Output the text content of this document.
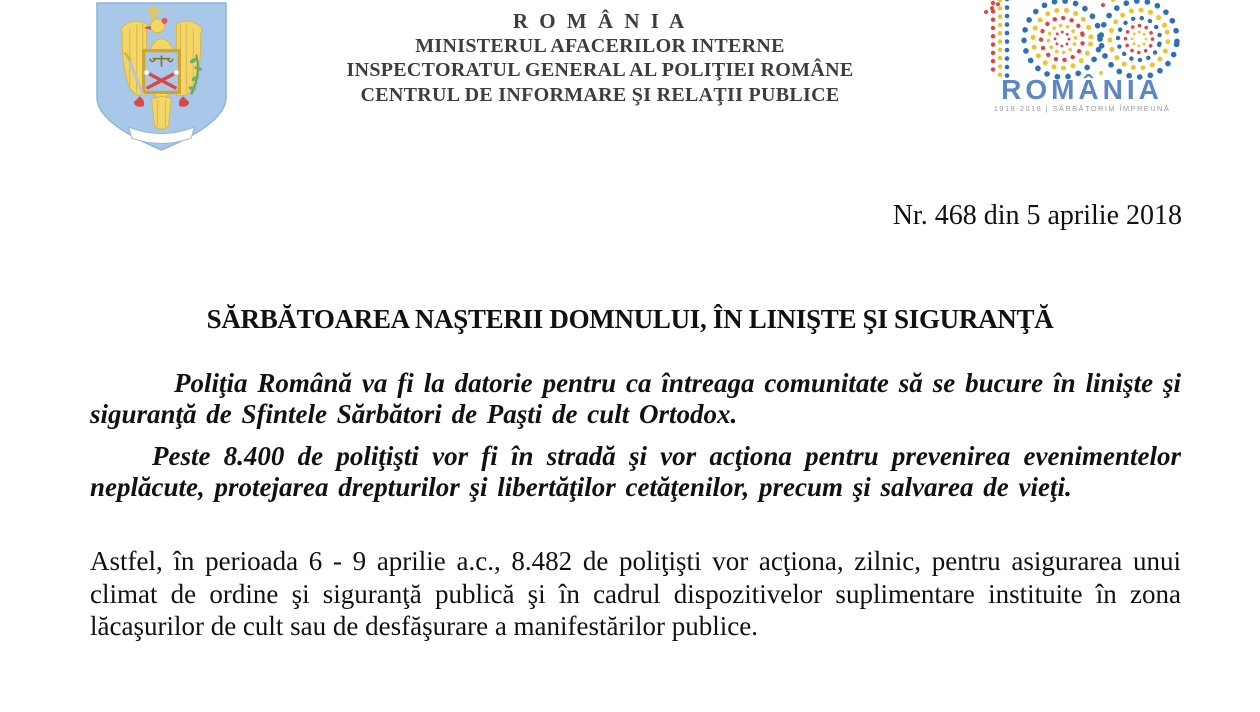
R O M Â N I A
MINISTERUL AFACERILOR INTERNE
INSPECTORATUL GENERAL AL POLIŢIEI ROMÂNE
CENTRUL DE INFORMARE ŞI RELAŢII PUBLICE	ROMÂNIA
1918-2018 | SĂRBĂTORIM ÎMPREUNĂ
Nr. 468 din 5 aprilie 2018
SĂRBĂTOAREA NAŞTERII DOMNULUI, ÎN LINIŞTE ŞI SIGURANŢĂ

Poliţia Română va fi la datorie pentru ca întreaga comunitate să se bucure în linişte şi siguranţă de Sfintele Sărbători de Paşti de cult Ortodox.

Peste 8.400 de poliţişti vor fi în stradă şi vor acţiona pentru prevenirea evenimentelor neplăcute, protejarea drepturilor şi libertăţilor cetăţenilor, precum şi salvarea de vieţi.

Astfel, în perioada 6 - 9 aprilie a.c., 8.482 de poliţişti vor acţiona, zilnic, pentru asigurarea unui climat de ordine şi siguranţă publică şi în cadrul dispozitivelor suplimentare instituite în zona lăcaşurilor de cult sau de desfăşurare a manifestărilor publice.
